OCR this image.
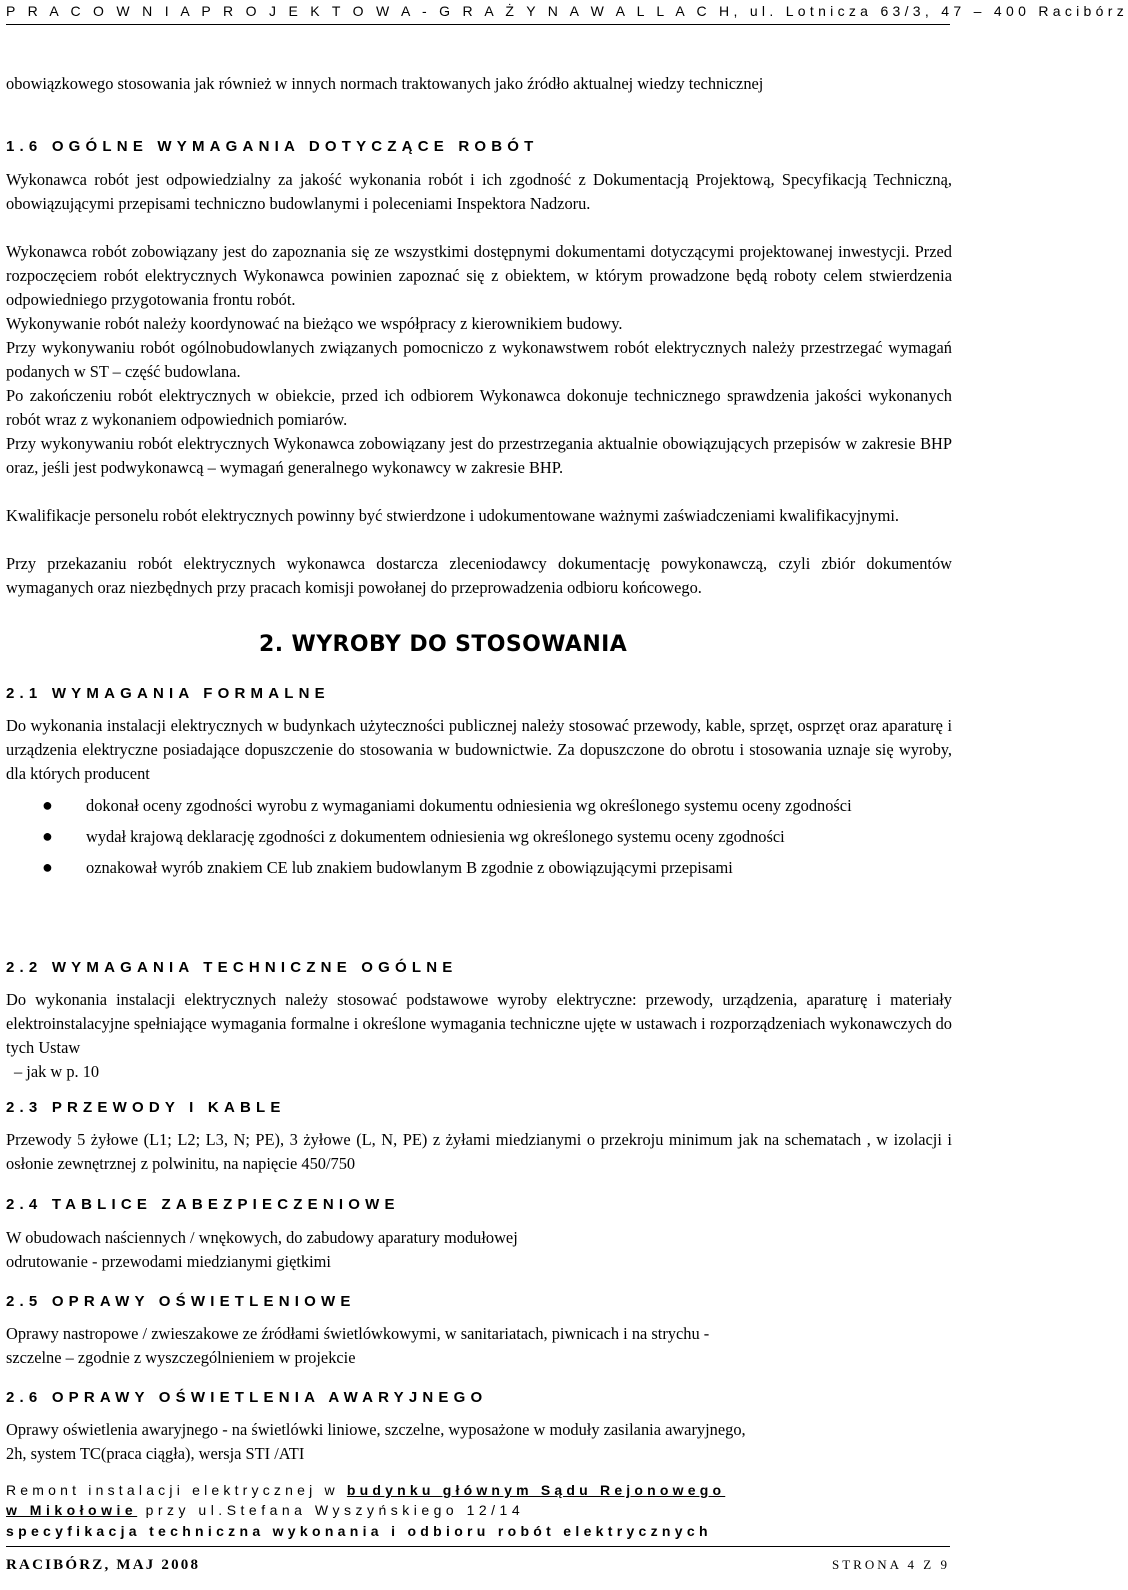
P R A C O W N I A P R O J E K T O W A - G R A Ż Y N A W A L L A C H, ul. Lotnicza 63/3, 47 – 400 Racibórz
obowiązkowego stosowania jak również w innych normach traktowanych jako źródło aktualnej wiedzy technicznej
1.6 OGÓLNE WYMAGANIA DOTYCZĄCE ROBÓT
Wykonawca robót jest odpowiedzialny za jakość wykonania robót i ich zgodność z Dokumentacją Projektową, Specyfikacją Techniczną, obowiązującymi przepisami techniczno budowlanymi i poleceniami Inspektora Nadzoru.
Wykonawca robót zobowiązany jest do zapoznania się ze wszystkimi dostępnymi dokumentami dotyczącymi projektowanej inwestycji. Przed rozpoczęciem robót elektrycznych Wykonawca powinien zapoznać się z obiektem, w którym prowadzone będą roboty celem stwierdzenia odpowiedniego przygotowania frontu robót.
Wykonywanie robót należy koordynować na bieżąco we współpracy z kierownikiem budowy.
Przy wykonywaniu robót ogólnobudowlanych związanych pomocniczo z wykonawstwem robót elektrycznych należy przestrzegać wymagań podanych w ST – część budowlana.
Po zakończeniu robót elektrycznych w obiekcie, przed ich odbiorem Wykonawca dokonuje technicznego sprawdzenia jakości wykonanych robót wraz z wykonaniem odpowiednich pomiarów.
Przy wykonywaniu robót elektrycznych Wykonawca zobowiązany jest do przestrzegania aktualnie obowiązujących przepisów w zakresie BHP oraz, jeśli jest podwykonawcą – wymagań generalnego wykonawcy w zakresie BHP.
Kwalifikacje personelu robót elektrycznych powinny być stwierdzone i udokumentowane ważnymi zaświadczeniami kwalifikacyjnymi.
Przy przekazaniu robót elektrycznych wykonawca dostarcza zleceniodawcy dokumentację powykonawczą, czyli zbiór dokumentów wymaganych oraz niezbędnych przy pracach komisji powołanej do przeprowadzenia odbioru końcowego.
2. WYROBY DO STOSOWANIA
2.1 WYMAGANIA FORMALNE
Do wykonania instalacji elektrycznych w budynkach użyteczności publicznej należy stosować przewody, kable, sprzęt, osprzęt oraz aparaturę i urządzenia elektryczne posiadające dopuszczenie do stosowania w budownictwie. Za dopuszczone do obrotu i stosowania uznaje się wyroby, dla których producent
● dokonał oceny zgodności wyrobu z wymaganiami dokumentu odniesienia wg określonego systemu oceny zgodności
● wydał krajową deklarację zgodności z dokumentem odniesienia wg określonego systemu oceny zgodności
● oznakował wyrób znakiem CE lub znakiem budowlanym B zgodnie z obowiązującymi przepisami
2.2 WYMAGANIA TECHNICZNE OGÓLNE
Do wykonania instalacji elektrycznych należy stosować podstawowe wyroby elektryczne: przewody, urządzenia, aparaturę i materiały elektroinstalacyjne spełniające wymagania formalne i określone wymagania techniczne ujęte w ustawach i rozporządzeniach wykonawczych do tych Ustaw
– jak w p. 10
2.3 PRZEWODY I KABLE
Przewody 5 żyłowe (L1; L2; L3, N; PE), 3 żyłowe (L, N, PE) z żyłami miedzianymi o przekroju minimum jak na schematach , w izolacji i osłonie zewnętrznej z polwinitu, na napięcie 450/750
2.4 TABLICE ZABEZPIECZENIOWE
W obudowach naściennych / wnękowych, do zabudowy aparatury modułowej
odrutowanie - przewodami miedzianymi giętkimi
2.5 OPRAWY OŚWIETLENIOWE
Oprawy nastropowe / zwieszakowe ze źródłami świetlówkowymi, w sanitariatach, piwnicach i na strychu -
szczelne – zgodnie z wyszczególnieniem w projekcie
2.6 OPRAWY OŚWIETLENIA AWARYJNEGO
Oprawy oświetlenia awaryjnego - na świetlówki liniowe, szczelne, wyposażone w moduły zasilania awaryjnego,
2h, system TC(praca ciągła), wersja STI /ATI
Remont instalacji elektrycznej w budynku głównym Sądu Rejonowego
w Mikołowie przy ul.Stefana Wyszyńskiego 12/14
specyfikacja techniczna wykonania i odbioru robót elektrycznych
RACIBÓRZ, MAJ 2008	STRONA 4 Z 9
